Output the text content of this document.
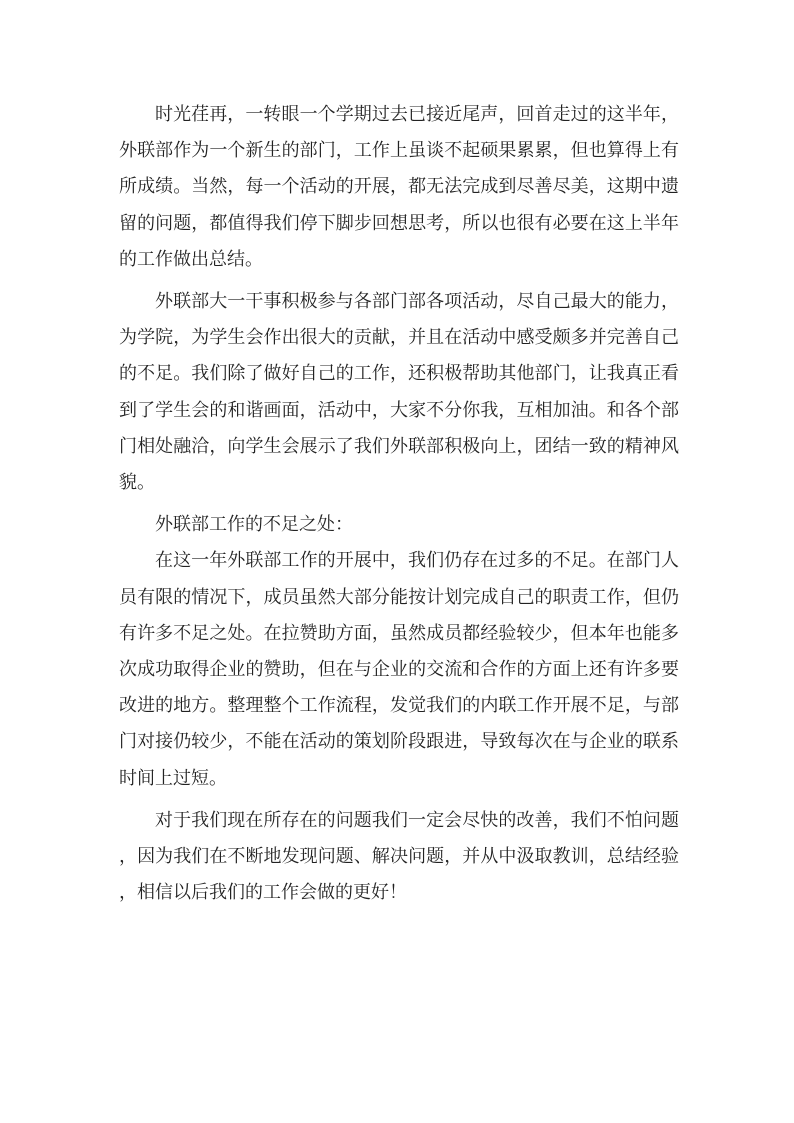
时光荏再，一转眼一个学期过去已接近尾声，回首走过的这半年，外联部作为一个新生的部门，工作上虽谈不起硕果累累，但也算得上有所成绩。当然，每一个活动的开展，都无法完成到尽善尽美，这期中遗留的问题，都值得我们停下脚步回想思考，所以也很有必要在这上半年的工作做出总结。

外联部大一干事积极参与各部门部各项活动，尽自己最大的能力，为学院，为学生会作出很大的贡献，并且在活动中感受颇多并完善自己的不足。我们除了做好自己的工作，还积极帮助其他部门，让我真正看到了学生会的和谐画面，活动中，大家不分你我，互相加油。和各个部门相处融洽，向学生会展示了我们外联部积极向上，团结一致的精神风貌。

外联部工作的不足之处：

在这一年外联部工作的开展中，我们仍存在过多的不足。在部门人员有限的情况下，成员虽然大部分能按计划完成自己的职责工作，但仍有许多不足之处。在拉赞助方面，虽然成员都经验较少，但本年也能多次成功取得企业的赞助，但在与企业的交流和合作的方面上还有许多要改进的地方。整理整个工作流程，发觉我们的内联工作开展不足，与部门对接仍较少，不能在活动的策划阶段跟进，导致每次在与企业的联系时间上过短。

对于我们现在所存在的问题我们一定会尽快的改善，我们不怕问题，因为我们在不断地发现问题、解决问题，并从中汲取教训，总结经验，相信以后我们的工作会做的更好！
